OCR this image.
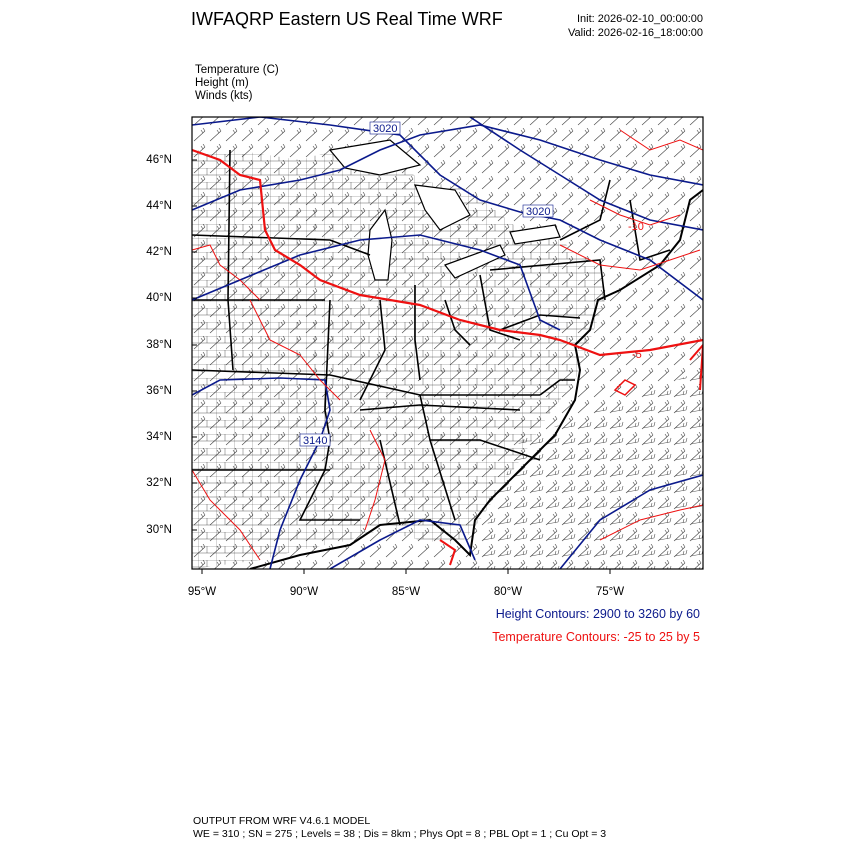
IWFAQRP Eastern US Real Time WRF	Init: 2026-02-10_00:00:00
Valid: 2026-02-16_18:00:00
Temperature (C)
Height (m)
Winds (kts)
3020
3020
3140
-10
-5
46°N
44°N
42°N
40°N
38°N
36°N
34°N
32°N
30°N
95°W	90°W	85°W	80°W	75°W
Height Contours: 2900 to 3260 by 60
Temperature Contours: -25 to 25 by 5
OUTPUT FROM WRF V4.6.1 MODEL
WE = 310 ; SN = 275 ; Levels = 38 ; Dis = 8km ; Phys Opt = 8 ; PBL Opt = 1 ; Cu Opt = 3
